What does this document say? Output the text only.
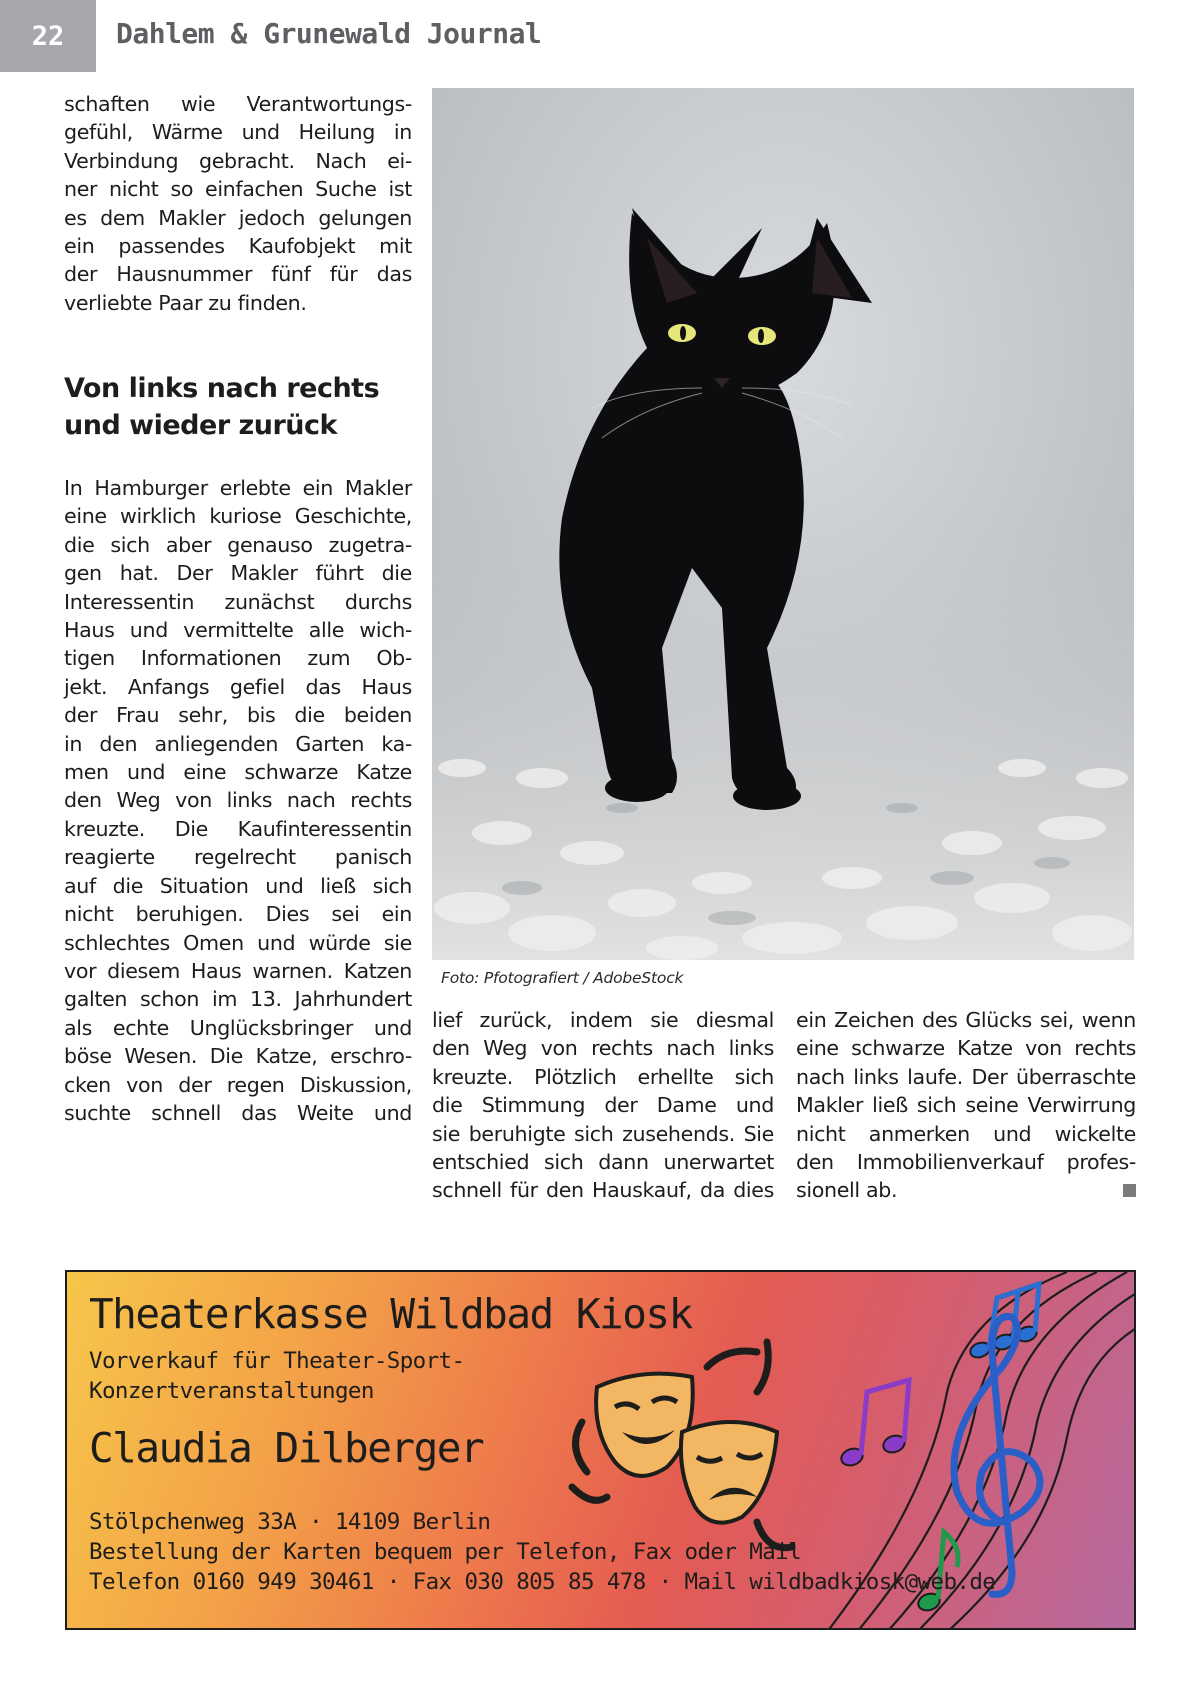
22	Dahlem & Grunewald Journal

schaften wie Verantwortungs-

gefühl, Wärme und Heilung in

Verbindung gebracht. Nach ei-

ner nicht so einfachen Suche ist

es dem Makler jedoch gelungen

ein passendes Kaufobjekt mit

der Hausnummer fünf für das

verliebte Paar zu finden.

Von links nach rechts
und wieder zurück

In Hamburger erlebte ein Makler

eine wirklich kuriose Geschichte,

die sich aber genauso zugetra-

gen hat. Der Makler führt die

Interessentin zunächst durchs

Haus und vermittelte alle wich-

tigen Informationen zum Ob-

jekt. Anfangs gefiel das Haus

der Frau sehr, bis die beiden

in den anliegenden Garten ka-

men und eine schwarze Katze

den Weg von links nach rechts

kreuzte. Die Kaufinteressentin

reagierte regelrecht panisch

auf die Situation und ließ sich

nicht beruhigen. Dies sei ein

schlechtes Omen und würde sie

vor diesem Haus warnen. Katzen

galten schon im 13. Jahrhundert

als echte Unglücksbringer und

böse Wesen. Die Katze, erschro-

cken von der regen Diskussion,

suchte schnell das Weite und

Foto: Pfotografiert / AdobeStock

lief zurück, indem sie diesmal

den Weg von rechts nach links

kreuzte. Plötzlich erhellte sich

die Stimmung der Dame und

sie beruhigte sich zusehends. Sie

entschied sich dann unerwartet

schnell für den Hauskauf, da dies

ein Zeichen des Glücks sei, wenn

eine schwarze Katze von rechts

nach links laufe. Der überraschte

Makler ließ sich seine Verwirrung

nicht anmerken und wickelte

den Immobilienverkauf profes-

sionell ab.

Theaterkasse Wildbad Kiosk
Vorverkauf für Theater-Sport-
Konzertveranstaltungen
Claudia Dilberger
Stölpchenweg 33A · 14109 Berlin
Bestellung der Karten bequem per Telefon, Fax oder Mail
Telefon 0160 949 30461 · Fax 030 805 85 478 · Mail wildbadkiosk@web.de
